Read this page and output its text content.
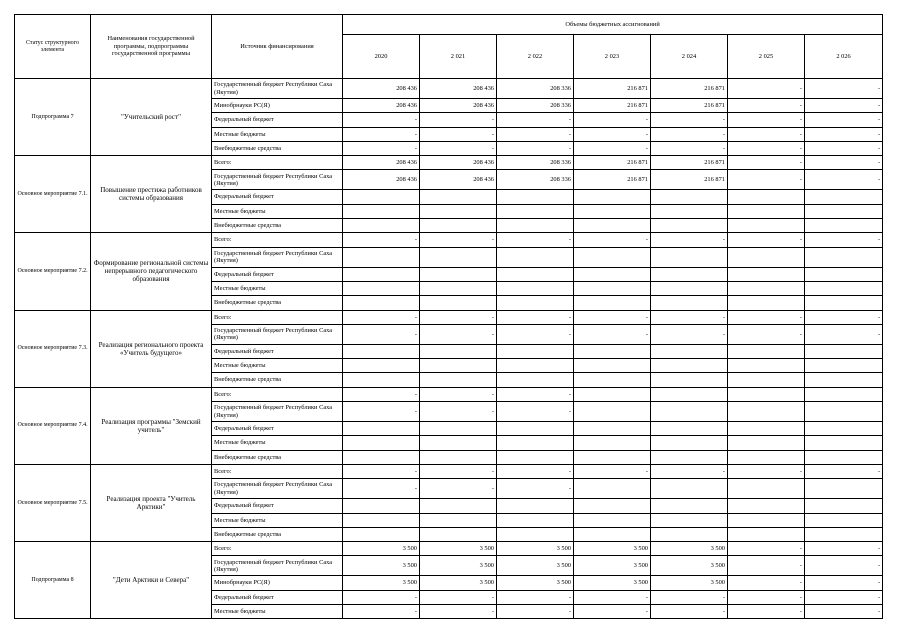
Статус структурного элемента	Наименования государственной программы, подпрограммы государственной программы	Источник финансирования	Объемы бюджетных ассигнований						
			2020	2 021	2 022	2 023	2 024	2 025	2 026
Подпрограмма 7	"Учительский рост"	Государственный бюджет Республики Саха (Якутия)	208 436	208 436	208 336	216 871	216 871	-	-
		Минобрнауки РС(Я)	208 436	208 436	208 336	216 871	216 871	-	-
		Федеральный бюджет	-	-	-	-	-	-	-
		Местные бюджеты	-	-	-	-	-	-	-
		Внебюджетные средства	-	-	-	-	-	-	-
Основное мероприятие 7.1.	Повышение престижа работников системы образования	Всего:	208 436	208 436	208 336	216 871	216 871	-	-
		Государственный бюджет Республики Саха (Якутия)	208 436	208 436	208 336	216 871	216 871	-	-
		Федеральный бюджет							
		Местные бюджеты							
		Внебюджетные средства							
Основное мероприятие 7.2.	Формирование региональной системы непрерывного педагогического образования	Всего:	-	-	-	-	-	-	-
		Государственный бюджет Республики Саха (Якутия)							
		Федеральный бюджет							
		Местные бюджеты							
		Внебюджетные средства							
Основное мероприятие 7.3.	Реализация регионального проекта «Учитель будущего»	Всего:	-	-	-	-	-	-	-
		Государственный бюджет Республики Саха (Якутия)	-	-	-	-	-	-	-
		Федеральный бюджет							
		Местные бюджеты							
		Внебюджетные средства							
Основное мероприятие 7.4.	Реализация программы "Земский учитель"	Всего:	-	-	-				
		Государственный бюджет Республики Саха (Якутия)	-	-	-				
		Федеральный бюджет							
		Местные бюджеты							
		Внебюджетные средства							
Основное мероприятие 7.5.	Реализация проекта "Учитель Арктики"	Всего:	-	-	-	-	-	-	-
		Государственный бюджет Республики Саха (Якутия)	-	-	-				
		Федеральный бюджет							
		Местные бюджеты							
		Внебюджетные средства							
Подпрограмма 8	"Дети Арктики и Севера"	Всего:	3 500	3 500	3 500	3 500	3 500	-	-
		Государственный бюджет Республики Саха (Якутия)	3 500	3 500	3 500	3 500	3 500	-	-
		Минобрнауки РС(Я)	3 500	3 500	3 500	3 500	3 500	-	-
		Федеральный бюджет	-	-	-	-	-	-	-
		Местные бюджеты	-	-	-	-	-	-	-
